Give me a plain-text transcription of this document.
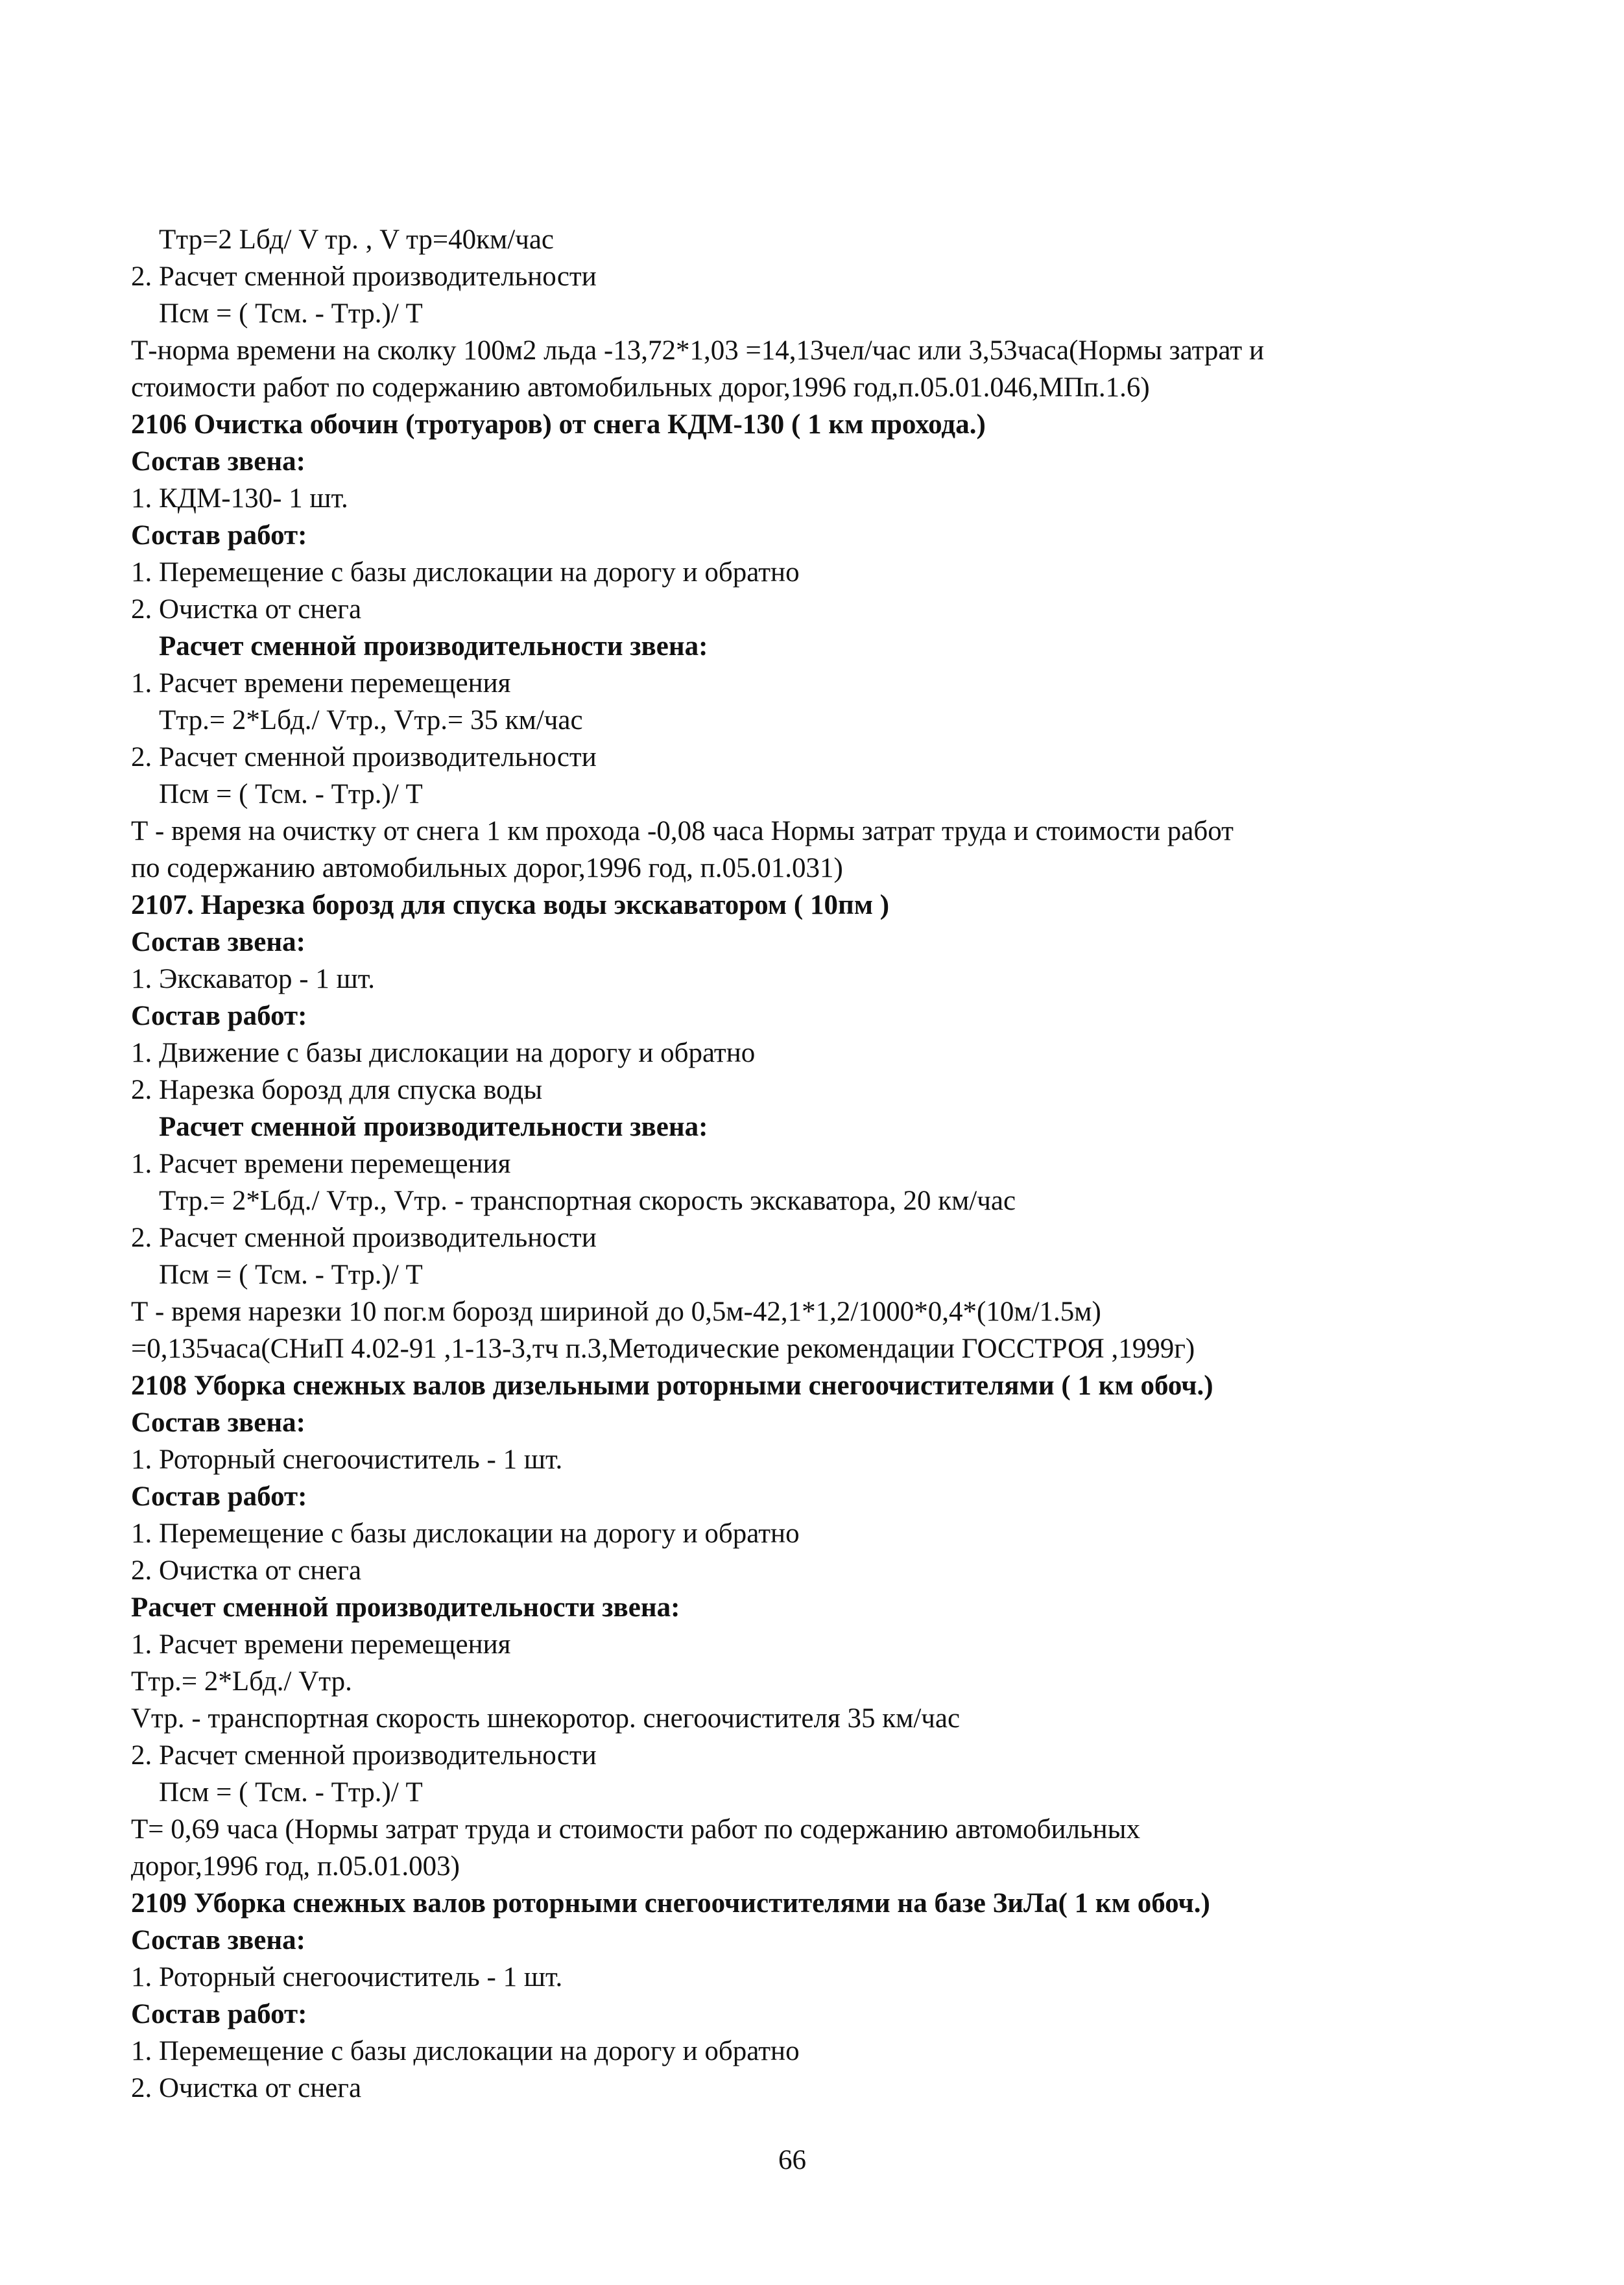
Ттр=2 Lбд/ V тр. , V тр=40км/час
2. Расчет сменной производительности
Псм = ( Тсм. - Ттр.)/ Т
Т-норма времени на сколку 100м2 льда -13,72*1,03 =14,13чел/час или 3,53часа(Нормы затрат и
стоимости работ по содержанию автомобильных дорог,1996 год,п.05.01.046,МПп.1.6)
2106 Очистка обочин (тротуаров) от снега КДМ-130 ( 1 км прохода.)
Состав звена:
1. КДМ-130- 1 шт.
Состав работ:
1. Перемещение с базы дислокации на дорогу и обратно
2. Очистка от снега
Расчет сменной производительности звена:
1. Расчет времени перемещения
Ттр.= 2*Lбд./ Vтр., Vтр.= 35 км/час
2. Расчет сменной производительности
Псм = ( Тсм. - Ттр.)/ Т
Т - время на очистку от снега 1 км прохода -0,08 часа Нормы затрат труда и стоимости работ
по содержанию автомобильных дорог,1996 год, п.05.01.031)
2107. Нарезка борозд для спуска воды экскаватором ( 10пм )
Состав звена:
1. Экскаватор - 1 шт.
Состав работ:
1. Движение с базы дислокации на дорогу и обратно
2. Нарезка борозд для спуска воды
Расчет сменной производительности звена:
1. Расчет времени перемещения
Ттр.= 2*Lбд./ Vтр., Vтр. - транспортная скорость экскаватора, 20 км/час
2. Расчет сменной производительности
Псм = ( Тсм. - Ттр.)/ Т
Т - время нарезки 10 пог.м борозд шириной до 0,5м-42,1*1,2/1000*0,4*(10м/1.5м)
=0,135часа(СНиП 4.02-91 ,1-13-3,тч п.3,Методические рекомендации ГОССТРОЯ ,1999г)
2108 Уборка снежных валов дизельными роторными снегоочистителями ( 1 км обоч.)
Состав звена:
1. Роторный снегоочиститель - 1 шт.
Состав работ:
1. Перемещение с базы дислокации на дорогу и обратно
2. Очистка от снега
Расчет сменной производительности звена:
1. Расчет времени перемещения
Ттр.= 2*Lбд./ Vтр.
Vтр. - транспортная скорость шнекоротор. снегоочистителя 35 км/час
2. Расчет сменной производительности
Псм = ( Тсм. - Ттр.)/ Т
Т= 0,69 часа (Нормы затрат труда и стоимости работ по содержанию автомобильных
дорог,1996 год, п.05.01.003)
2109 Уборка снежных валов роторными снегоочистителями на базе ЗиЛа( 1 км обоч.)
Состав звена:
1. Роторный снегоочиститель - 1 шт.
Состав работ:
1. Перемещение с базы дислокации на дорогу и обратно
2. Очистка от снега
66
